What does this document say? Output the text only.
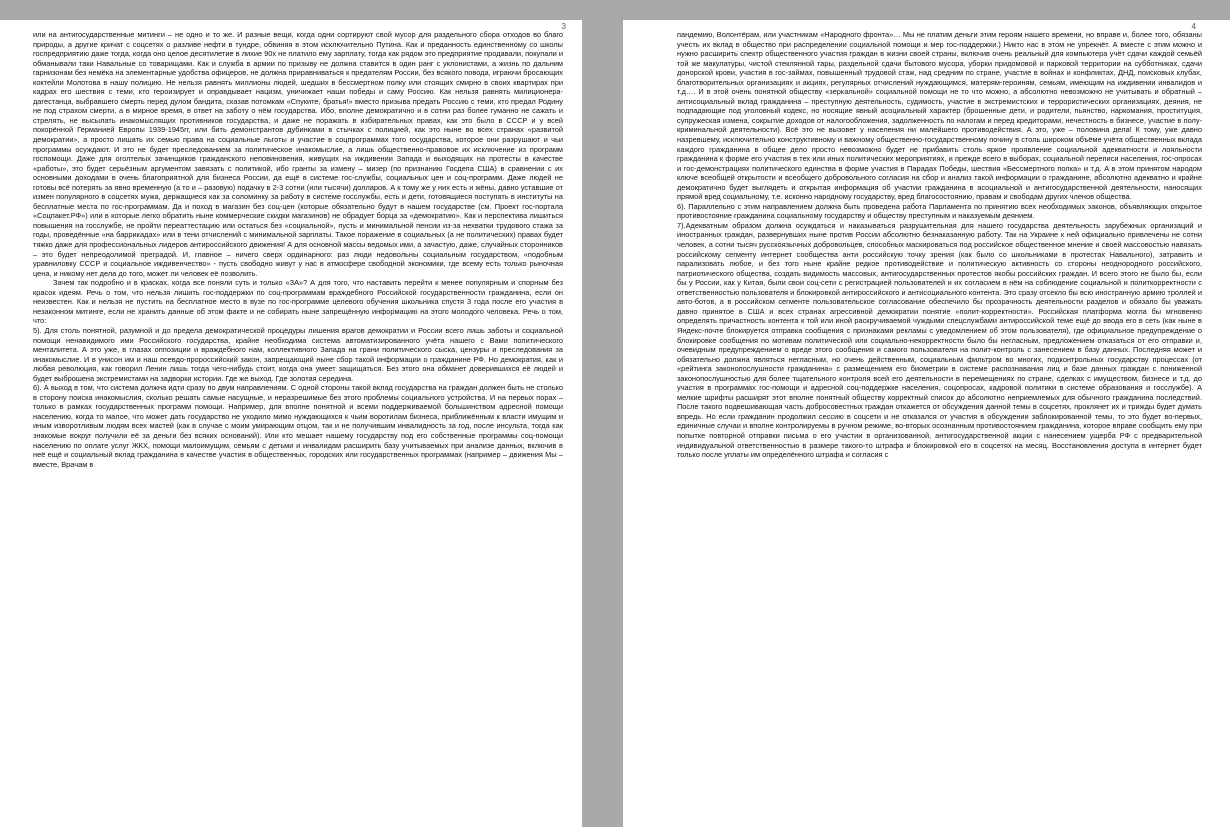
3

или на антигосударственные митинги – не одно и то же. И разные вещи, когда одни сортируют свой мусор для раздельного сбора отходов во благо природы, а другие кричат с соцсетях о разливе нефти в тундре, обвиняя в этом исключительно Путина. Как и преданность единственному со школы госпредприятию даже тогда, когда оно целое десятилетие в лихие 90х не платило ему зарплату, тогда как рядом это предприятие продавали, покупали и обманывали таки Навальные со товарищами. Как и служба в армии по призыву не должна ставится в один ранг с уклонистами, а жизнь по дальним гарнизонам без немёка на элементарные удобства офицеров, не должна приравниваться к предателям России, без всякого повода, играючи бросающих коктейли Молотова в нашу полицию. Не нельзя равнять миллионы людей, шедших в бессмертном полку или стоящих смирно в своих квартирах при кадрах его шествия с теми, кто героизирует и оправдывает нацизм, уничижает наши победы и саму Россию. Как нельзя равнять милиционера-дагестанца, выбравшего смерть перед дулом бандита, сказав потомкам «Спуките, братья!» вместо призыва предать Россию с теми, кто предал Родину не под страхом смерти, а в мирное время, в ответ на заботу о нём государства. Ибо, вполне демократично и в сотни раз более гуманно не сажать и стрелять, не высылать инакомыслящих противников государства, и даже не поражать в избирательных правах, как это было в СССР и у всей покорённой Германией Европы 1939-1945гг, или бить демонстрантов дубинками в стычках с полицией, как это ныне во всех странах «развитой демократии», а просто лишать их семью права на социальные льготы и участие в соцпрограммах того государства, которое они разрушают и чьи программы осуждают. И это не будет преследованием за политическое инакомыслие, а лишь общественно-правовое их исключение из программ госпомощи. Даже для оголтелых зачинщиков гражданского неповиновения, живущих на иждивении Запада и выходящих на протесты в качестве «работы», это будет серьёзным аргументом завязать с политикой, ибо гранты за измену – мизер (по признанию Госдепа США) в сравнении с их основными доходами в очень благоприятной для бизнеса России, да ещё в системе гос-службы, социальных цен и соц-программ. Даже людей не готовы всё потерять за явно временную (а то и – разовую) подачку в 2-3 сотни (или тысячи) долларов. А к тому же у них есть и жёны, давно уставшие от измен популярного в соцсетях мужа, держащиеся как за соломинку за работу в системе госслужбы, есть и дети, готовящиеся поступать в институты на бесплатные места по гос-программам. Да и поход в магазин без соц-цен (которые обязательно будут в нашем государстве (см. Проект гос-портала «Соцпакет.РФ») или в которые легко обратить ныне коммерческие скидки магазинов) не обрадует борца за «демократию». Как и перспектива лишиться повышения на госслужбе, не пройти переаттестацию или остаться без «социальной», пусть и минимальной пенсии из-за нехватки трудового стажа за годы, проведённые «на баррикадах» или в тени отчислений с минимальной зарплаты. Такое поражение в социальных (а не политических) правах будет тяжко даже для профессиональных лидеров антироссийского движения! А для основной массы ведомых ими, а зачастую, даже, случайных сторонников – это будет непреодолимой преградой. И, главное – ничего сверх ординарного: раз люди недовольны социальным государством, «подобным уравниловку СССР и социальное иждивенчество» - пусть свободно живут у нас в атмосфере свободной экономики, где всему есть только рыночная цена, и никому нет дела до того, может ли человек её позволить.

Зачем так подробно и в красках, когда все поняли суть и только «ЗА»? А для того, что наставить перейти к менее популярным и спорным без красок идеям. Речь о том, что нельзя лишить гос-поддержки по соц-программам враждебного Российской государственности гражданина, если он неизвестен. Как и нельзя не пустить на бесплатное место в вузе по гос-программе целевого обучения школьника спустя 3 года после его участия в незаконном митинге, если не хранить данные об этом факте и не собирать ныне запрещённую информацию на этого молодого человека. Речь о том, что:

5). Для столь понятной, разумной и до предела демократической процедуры лишения врагов демократии и России всего лишь заботы и социальной помощи ненавидимого ими Российского государства, крайне необходима система автоматизированного учёта нашего с Вами политического менталитета. А это уже, в глазах оппозиции и враждебного нам, коллективного Запада на грани политического сыска, цензуры и преследования за инакомыслие. И в унисон им и наш псевдо-пророссийский закон, запрещающий ныне сбор такой информации о гражданине РФ. Но демократия, как и любая революция, как говорил Ленин лишь тогда чего-нибудь стоит, когда она умеет защищаться. Без этого она обманет доверившихся её людей и будет выброшена экстремистами на задворки истории. Где же выход. Где золотая середина.

6). А выход в том, что система должна идти сразу по двум направлениям. С одной стороны такой вклад государства на граждан должен быть не столько в сторону поиска инакомыслия, сколько решать самые насущные, и неразрешимые без этого проблемы социального устройства. И на первых порах – только в рамках государственных программ помощи. Например, для вполне понятной и всеми поддерживаемой большинством адресной помощи населению, когда то малое, что может дать государство не уходило мимо нуждающихся к чьим воротилам бизнеса, приближённым к власти имущим и иным изворотливым людям всех мастей (как в случае с моим умирающим отцом, так и не получившим инвалидность за год, после инсульта, тогда как знакомые вокруг получили её за деньги без всяких оснований). Или кто мешает нашему государству под его собственные программы соц-помощи населению по оплате услуг ЖКХ, помощи малоимущим, семьям с детьми и инвалидам расширить базу учитываемых при анализе данных, включив в неё ещё и социальный вклад гражданина в качестве участия в общественных, городских или государственных программах (например – движения Мы – вместе, Врачам в

4

пандемию, Волонтёрам, или участникам «Народного фронта»… Мы не платим деньги этим героям нашего времени, но вправе и, более того, обязаны учесть их вклад в общество при распределении социальной помощи и мер гос-поддержки.) Никто нас в этом не упрекнёт. А вместе с этим можно и нужно расширить спектр общественного участия граждан в жизни своей страны, включив очень реальный для компьютера учёт сдачи каждой семьёй той же макулатуры, чистой стеклянной тары, раздельной сдачи бытового мусора, уборки придомовой и парковой территории на субботниках, сдачи донорской крови, участия в гос-займах, повышенный трудовой стаж, над средним по стране, участие в войнах и конфликтах, ДНД, поисковых клубах, благотворительных организациях и акциях, регулярных отчислений нуждающимся, матерям-героиням, семьям, имеющим на иждивении инвалидов и т.д…. И в этой очень понятной обществу «зеркальной» социальной помощи не то что можно, а абсолютно невозможно не учитывать и обратный – антисоциальный вклад гражданина – преступную деятельность, судимость, участие в экстремистских и террористических организациях, деяния, не подпадающие под уголовный кодекс, но носящие явный асоциальный характер (брошенные дети, и родители, пьянство, наркомания, проституция, супружеская измена, сокрытие доходов от налогообложения, задолженность по налогам и перед кредиторами, нечестность в бизнесе, участие в полу-криминальной деятельности). Всё это не вызовет у населения ни малейшего противодействия. А это, уже – половина дела! К тому, уже давно назревшему, исключительно конструктивному и важному общественно-государственному почину в столь широком объёме учёта общественных вклада каждого гражданина в общее дело просто невозможно будет не прибавить столь яркое проявление социальной адекватности и лояльности гражданина к форме его участия в тех или иных политических мероприятиях, и прежде всего в выборах, социальной переписи населения, гос-опросах и гос-демонстрациях политического единства в форме участия в Парадах Победы, шествия «Бессмертного полка» и т.д. А в этом принятом народом ключе всеобщей открытости и всеобщего добровольного согласия на сбор и анализ такой информации о гражданине, абсолютно адекватно и крайне демократично будет выглядеть и открытая информация об участии гражданина в асоциальной и антигосударственной деятельности, наносящих прямой вред социальному, т.е. исконно народному государству, вред благосостоянию, правам и свободам других членов общества.

6). Параллельно с этим направлением должна быть проведена работа Парламента по принятию всех необходимых законов, объявляющих открытое противостояние гражданина социальному государству и обществу преступным и наказуемым деянием.

7).Адекватным образом должна осуждаться и наказываться разрушительная для нашего государства деятельность зарубежных организаций и иностранных граждан, развернувших ныне против России абсолютно безнаказанную работу. Так на Украине к ней официально привлечены не сотни человек, а сотни тысяч русскоязычных добровольцев, способных маскироваться под российское общественное мнение и своей массовостью навязать российскому сегменту интернет сообщества анти российскую точку зрения (как было со школьниками в протестах Навального), затравить и парализовать любое, и без того ныне крайне редкое противодействие и политическую активность со стороны неоднородного российского, патриотического общества, создать видимость массовых, антигосударственных протестов якобы российских граждан. И всего этого не было бы, если бы у России, как у Китая, были свои соц-сети с регистрацией пользователей и их согласием в нём на соблюдение социальной и политкорректности с ответственностью пользователя и блокировкой антироссийского и антисоциального контента. Это сразу отсекло бы всю иностранную армию троллей и авто-ботов, а в российском сегменте пользовательское согласование обеспечило бы прозрачность деятельности разделов и обязало бы уважать давно принятое в США и всех странах агрессивной демократии понятие «полит-корректности». Российская платформа могла бы мгновенно определять причастность контента к той или иной раскручиваемой чуждыми спецслужбами антироссийской теме ещё до ввода его в сеть (как ныне в Яндекс-почте блокируется отправка сообщения с признаками рекламы с уведомлением об этом пользователя), где официальное предупреждение о блокировке сообщения по мотивам политической или социально-некорректности было бы негласным, предложением отказаться от его отправки и, очевидным предупреждением о вреде этого сообщения и самого пользователя на полит-контроль с занесением в базу данных. Последняя может и обязательно должна являться негласным, но очень действенным, социальным фильтром во многих, подконтрольных государству процессах (от «рейтинга законопослушности гражданина» с размещением его биометрии в системе распознавания лиц и базе данных граждан с пониженной законопослушностью для более тщательного контроля всей его деятельности в перемещениях по стране, сделках с имуществом, бизнесе и т.д. до участия в программах гос-помощи и адресной соц-поддержке населения, соцопросах, кадровой политики в системе образования и госслужбе). А мелкие шрифты расширят этот вполне понятный обществу корректный список до абсолютно неприемлемых для обычного гражданина последствий. После такого подвешивающая часть добросовестных граждан откажется от обсуждения данной темы в соцсетях, проклянет их и трижды будет думать впредь. Но если гражданин продолжил сессию в соцсети и не отказался от участия в обсуждении заблокированной темы, то это будет во-первых, единичные случаи и вполне контролируемы в ручном режиме, во-вторых осознанным противостоянием гражданина, которое вправе сообщить ему при попытке повторной отправки письма о его участии в организованной, антигосударственной акции с нанесением ущерба РФ с предварительной индивидуальной ответственностью в размере такого-то штрафа и блокировкой его в соцсетях на месяц. Восстановления доступа в интернет будет только после уплаты им определённого штрафа и согласия с
